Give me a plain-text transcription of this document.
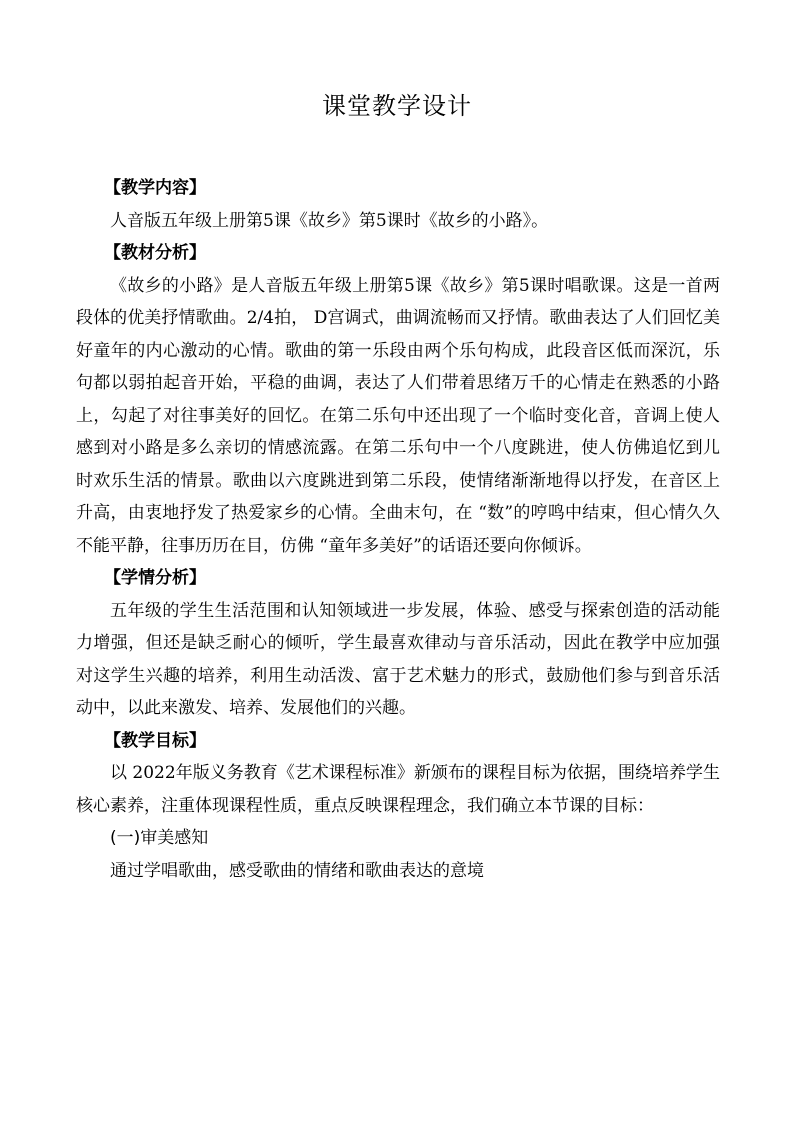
课堂教学设计
【教学内容】

人音版五年级上册第5课《故乡》第5课时《故乡的小路》。

【教材分析】

《故乡的小路》是人音版五年级上册第5课《故乡》第5课时唱歌课。这是一首两段体的优美抒情歌曲。2/4拍， D宫调式，曲调流畅而又抒情。歌曲表达了人们回忆美好童年的内心激动的心情。歌曲的第一乐段由两个乐句构成，此段音区低而深沉，乐句都以弱拍起音开始，平稳的曲调，表达了人们带着思绪万千的心情走在熟悉的小路上，勾起了对往事美好的回忆。在第二乐句中还出现了一个临时变化音，音调上使人感到对小路是多么亲切的情感流露。在第二乐句中一个八度跳进，使人仿佛追忆到儿时欢乐生活的情景。歌曲以六度跳进到第二乐段，使情绪渐渐地得以抒发，在音区上升高，由衷地抒发了热爱家乡的心情。全曲末句，在 “数”的哼鸣中结束，但心情久久不能平静，往事历历在目，仿佛 “童年多美好”的话语还要向你倾诉。

【学情分析】

五年级的学生生活范围和认知领域进一步发展，体验、感受与探索创造的活动能力增强，但还是缺乏耐心的倾听，学生最喜欢律动与音乐活动，因此在教学中应加强对这学生兴趣的培养，利用生动活泼、富于艺术魅力的形式，鼓励他们参与到音乐活动中，以此来激发、培养、发展他们的兴趣。

【教学目标】

以 2022年版义务教育《艺术课程标准》新颁布的课程目标为依据，围绕培养学生核心素养，注重体现课程性质，重点反映课程理念，我们确立本节课的目标：

(一)审美感知

通过学唱歌曲，感受歌曲的情绪和歌曲表达的意境
